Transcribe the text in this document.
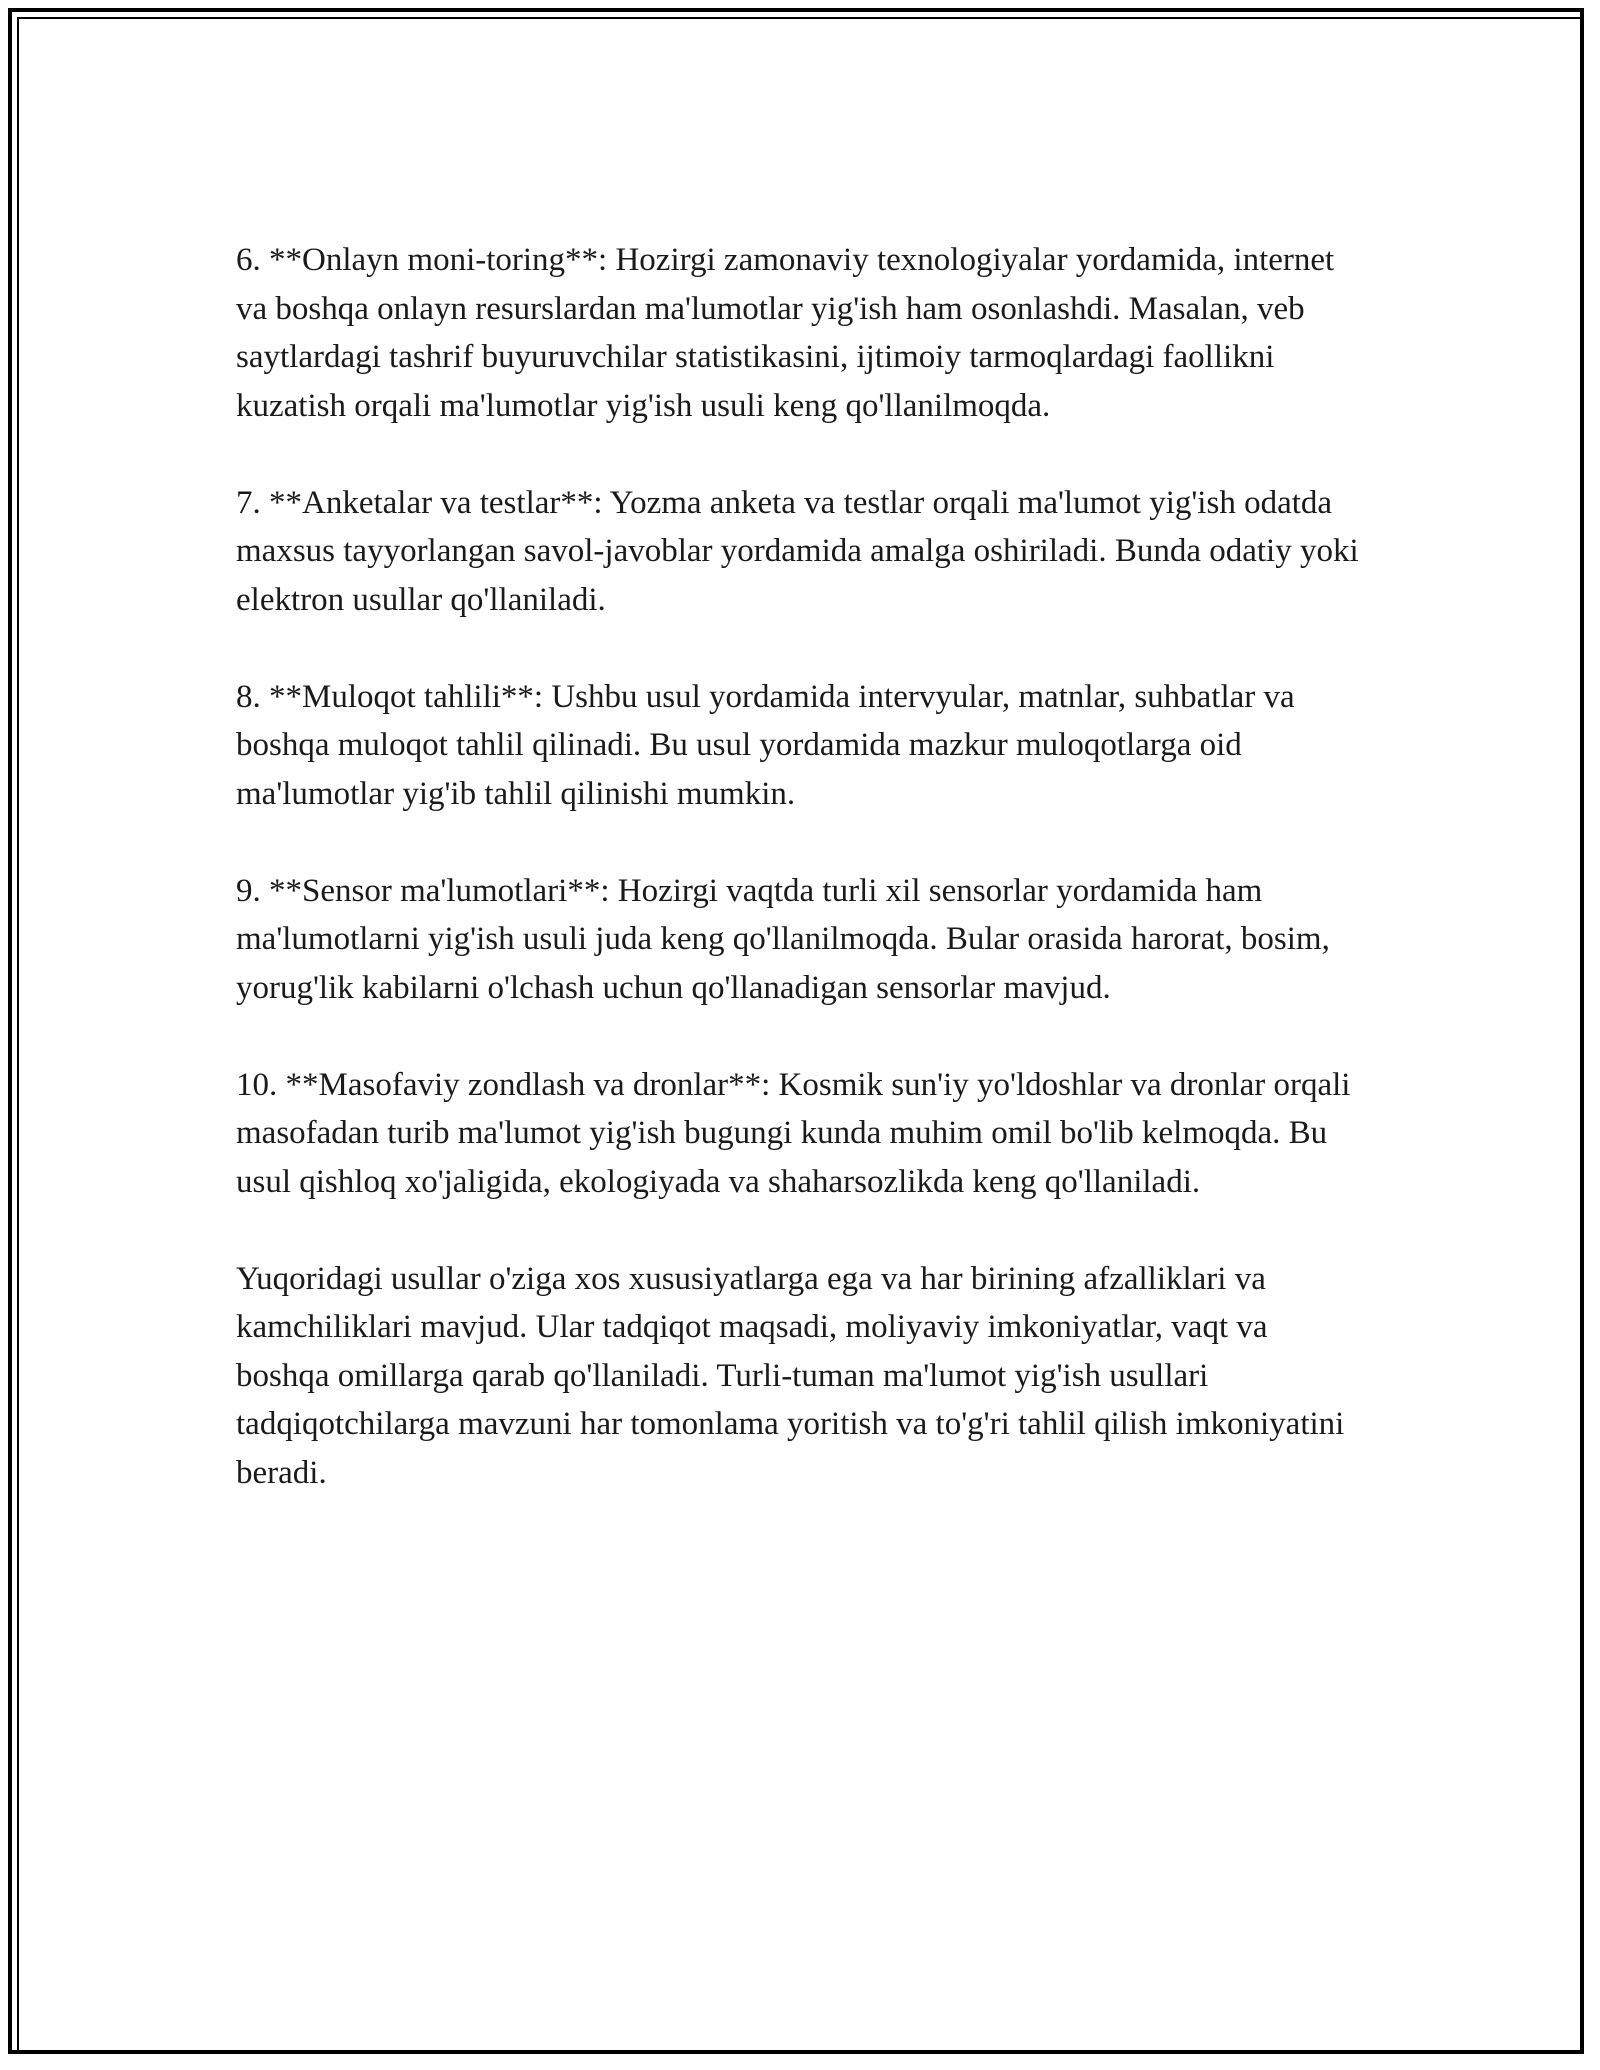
6. **Onlayn moni-toring**: Hozirgi zamonaviy texnologiyalar yordamida, internet va boshqa onlayn resurslardan ma'lumotlar yig'ish ham osonlashdi. Masalan, veb saytlardagi tashrif buyuruvchilar statistikasini, ijtimoiy tarmoqlardagi faollikni kuzatish orqali ma'lumotlar yig'ish usuli keng qo'llanilmoqda.

7. **Anketalar va testlar**: Yozma anketa va testlar orqali ma'lumot yig'ish odatda maxsus tayyorlangan savol-javoblar yordamida amalga oshiriladi. Bunda odatiy yoki elektron usullar qo'llaniladi.

8. **Muloqot tahlili**: Ushbu usul yordamida intervyular, matnlar, suhbatlar va boshqa muloqot tahlil qilinadi. Bu usul yordamida mazkur muloqotlarga oid ma'lumotlar yig'ib tahlil qilinishi mumkin.

9. **Sensor ma'lumotlari**: Hozirgi vaqtda turli xil sensorlar yordamida ham ma'lumotlarni yig'ish usuli juda keng qo'llanilmoqda. Bular orasida harorat, bosim, yorug'lik kabilarni o'lchash uchun qo'llanadigan sensorlar mavjud.

10. **Masofaviy zondlash va dronlar**: Kosmik sun'iy yo'ldoshlar va dronlar orqali masofadan turib ma'lumot yig'ish bugungi kunda muhim omil bo'lib kelmoqda. Bu usul qishloq xo'jaligida, ekologiyada va shaharsozlikda keng qo'llaniladi.

Yuqoridagi usullar o'ziga xos xususiyatlarga ega va har birining afzalliklari va kamchiliklari mavjud. Ular tadqiqot maqsadi, moliyaviy imkoniyatlar, vaqt va boshqa omillarga qarab qo'llaniladi. Turli-tuman ma'lumot yig'ish usullari tadqiqotchilarga mavzuni har tomonlama yoritish va to'g'ri tahlil qilish imkoniyatini beradi.
